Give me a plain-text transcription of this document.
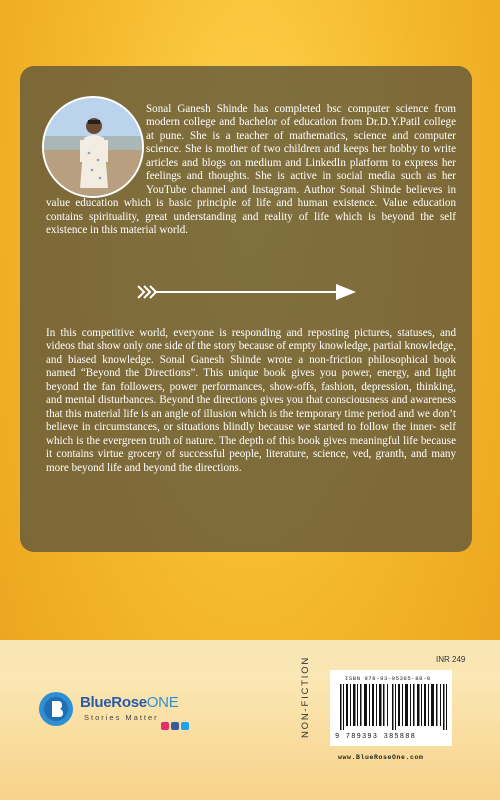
Sonal Ganesh Shinde has completed bsc computer science from modern college and bachelor of education from Dr.D.Y.Patil college at pune. She is a teacher of mathematics, science and computer science. She is mother of two children and keeps her hobby to write articles and blogs on medium and LinkedIn platform to express her feelings and thoughts. She is active in social media such as her YouTube channel and Instagram. Author Sonal Shinde believes in value education which is basic principle of life and human existence. Value education contains spirituality, great understanding and reality of life which is beyond the self existence in this material world.

In this competitive world, everyone is responding and reposting pictures, statuses, and videos that show only one side of the story because of empty knowledge, partial knowledge, and biased knowledge. Sonal Ganesh Shinde wrote a non-friction philosophical book named “Beyond the Directions”. This unique book gives you power, energy, and light beyond the fan followers, power performances, show-offs, fashion, depression, thinking, and mental disturbances. Beyond the directions gives you that consciousness and awareness that this material life is an angle of illusion which is the temporary time period and we don’t believe in circumstances, or situations blindly because we started to follow the inner- self which is the evergreen truth of nature. The depth of this book gives meaningful life because it contains virtue grocery of successful people, literature, science, ved, granth, and many more beyond life and beyond the directions.

BlueRoseONE
Stories Matter	NON-FICTION	INR 249
ISBN 978-93-95385-88-8
9 789393 385888
www.BlueRoseOne.com
